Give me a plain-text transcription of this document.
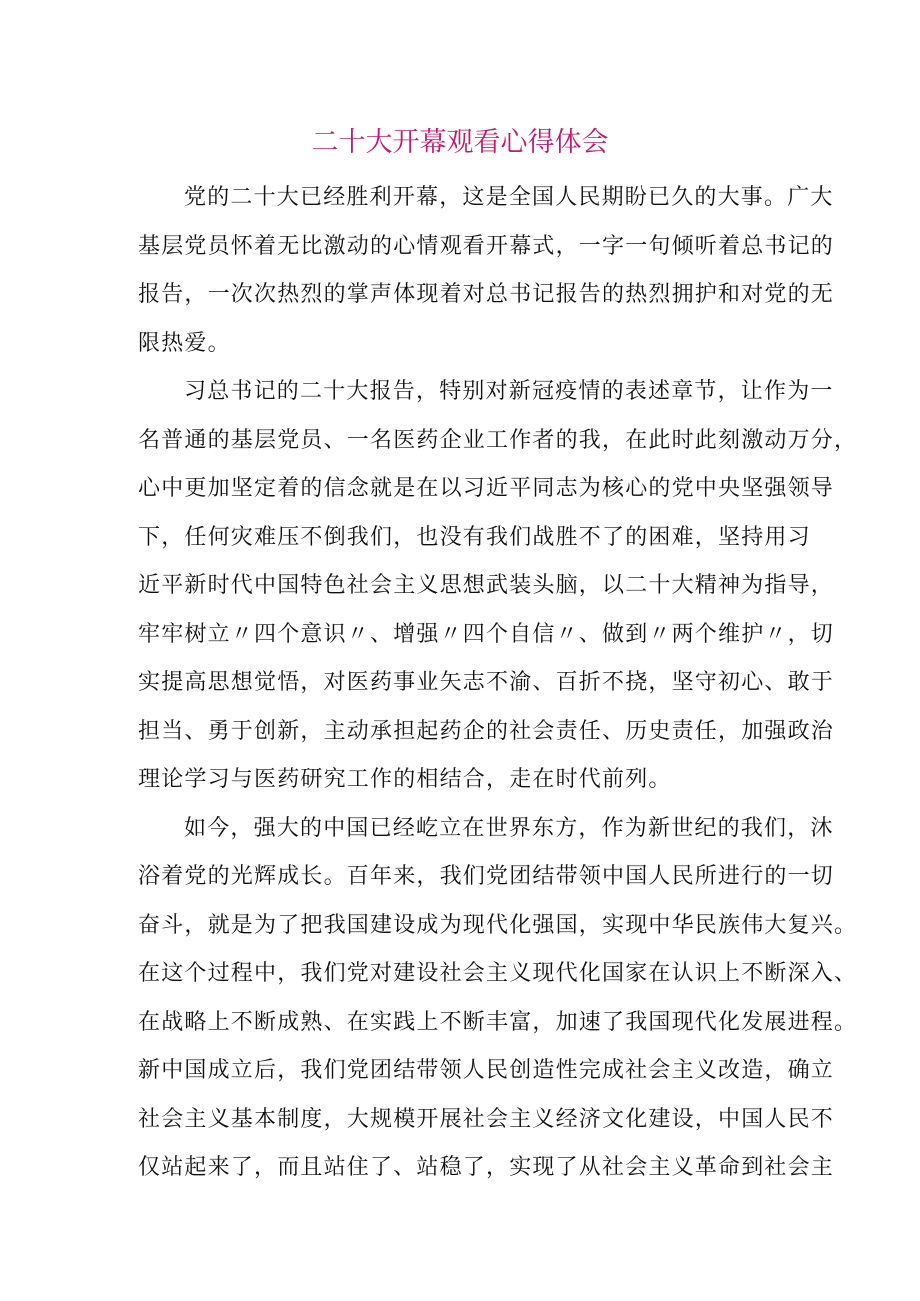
二十大开幕观看心得体会
党的二十大已经胜利开幕，这是全国人民期盼已久的大事。广大
基层党员怀着无比激动的心情观看开幕式，一字一句倾听着总书记的
报告，一次次热烈的掌声体现着对总书记报告的热烈拥护和对党的无
限热爱。
习总书记的二十大报告，特别对新冠疫情的表述章节，让作为一
名普通的基层党员、一名医药企业工作者的我，在此时此刻激动万分，
心中更加坚定着的信念就是在以习近平同志为核心的党中央坚强领导
下，任何灾难压不倒我们，也没有我们战胜不了的困难，坚持用习
近平新时代中国特色社会主义思想武装头脑，以二十大精神为指导，
牢牢树立〃四个意识〃、增强〃四个自信〃、做到〃两个维护〃，切
实提高思想觉悟，对医药事业矢志不渝、百折不挠，坚守初心、敢于
担当、勇于创新，主动承担起药企的社会责任、历史责任，加强政治
理论学习与医药研究工作的相结合，走在时代前列。
如今，强大的中国已经屹立在世界东方，作为新世纪的我们，沐
浴着党的光辉成长。百年来，我们党团结带领中国人民所进行的一切
奋斗，就是为了把我国建设成为现代化强国，实现中华民族伟大复兴。
在这个过程中，我们党对建设社会主义现代化国家在认识上不断深入、
在战略上不断成熟、在实践上不断丰富，加速了我国现代化发展进程。
新中国成立后，我们党团结带领人民创造性完成社会主义改造，确立
社会主义基本制度，大规模开展社会主义经济文化建设，中国人民不
仅站起来了，而且站住了、站稳了，实现了从社会主义革命到社会主
